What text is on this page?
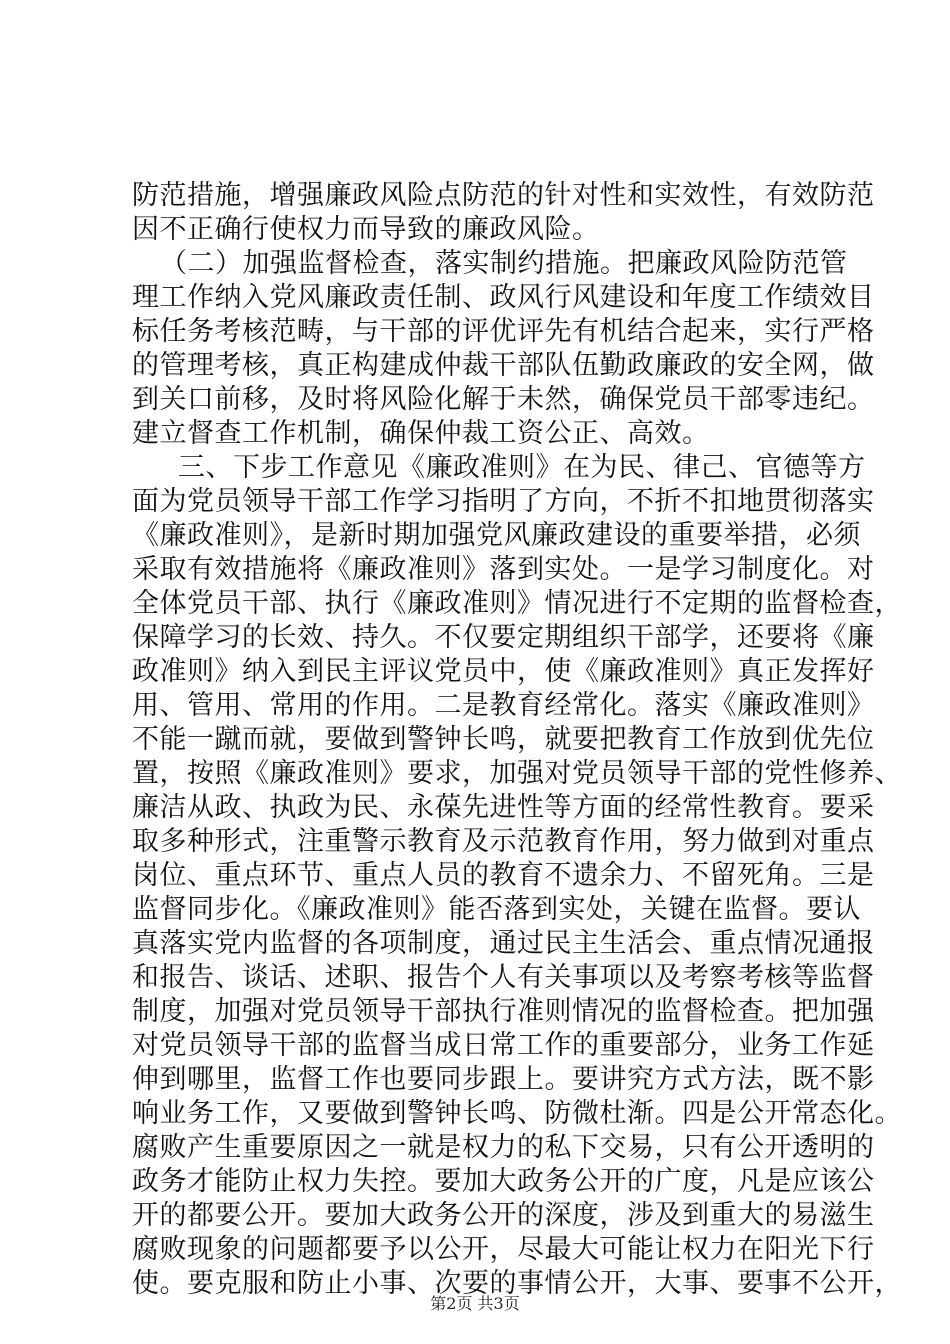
防范措施，增强廉政风险点防范的针对性和实效性，有效防范
因不正确行使权力而导致的廉政风险。
（二）加强监督检查，落实制约措施。把廉政风险防范管
理工作纳入党风廉政责任制、政风行风建设和年度工作绩效目
标任务考核范畴，与干部的评优评先有机结合起来，实行严格
的管理考核，真正构建成仲裁干部队伍勤政廉政的安全网，做
到关口前移，及时将风险化解于未然，确保党员干部零违纪。
建立督查工作机制，确保仲裁工资公正、高效。
三、下步工作意见《廉政准则》在为民、律己、官德等方
面为党员领导干部工作学习指明了方向，不折不扣地贯彻落实
《廉政准则》，是新时期加强党风廉政建设的重要举措，必须
采取有效措施将《廉政准则》落到实处。一是学习制度化。对
全体党员干部、执行《廉政准则》情况进行不定期的监督检查，
保障学习的长效、持久。不仅要定期组织干部学，还要将《廉
政准则》纳入到民主评议党员中，使《廉政准则》真正发挥好
用、管用、常用的作用。二是教育经常化。落实《廉政准则》
不能一蹴而就，要做到警钟长鸣，就要把教育工作放到优先位
置，按照《廉政准则》要求，加强对党员领导干部的党性修养、
廉洁从政、执政为民、永葆先进性等方面的经常性教育。要采
取多种形式，注重警示教育及示范教育作用，努力做到对重点
岗位、重点环节、重点人员的教育不遗余力、不留死角。三是
监督同步化。《廉政准则》能否落到实处，关键在监督。要认
真落实党内监督的各项制度，通过民主生活会、重点情况通报
和报告、谈话、述职、报告个人有关事项以及考察考核等监督
制度，加强对党员领导干部执行准则情况的监督检查。把加强
对党员领导干部的监督当成日常工作的重要部分，业务工作延
伸到哪里，监督工作也要同步跟上。要讲究方式方法，既不影
响业务工作，又要做到警钟长鸣、防微杜渐。四是公开常态化。
腐败产生重要原因之一就是权力的私下交易，只有公开透明的
政务才能防止权力失控。要加大政务公开的广度，凡是应该公
开的都要公开。要加大政务公开的深度，涉及到重大的易滋生
腐败现象的问题都要予以公开，尽最大可能让权力在阳光下行
使。要克服和防止小事、次要的事情公开，大事、要事不公开，
第2页 共3页
